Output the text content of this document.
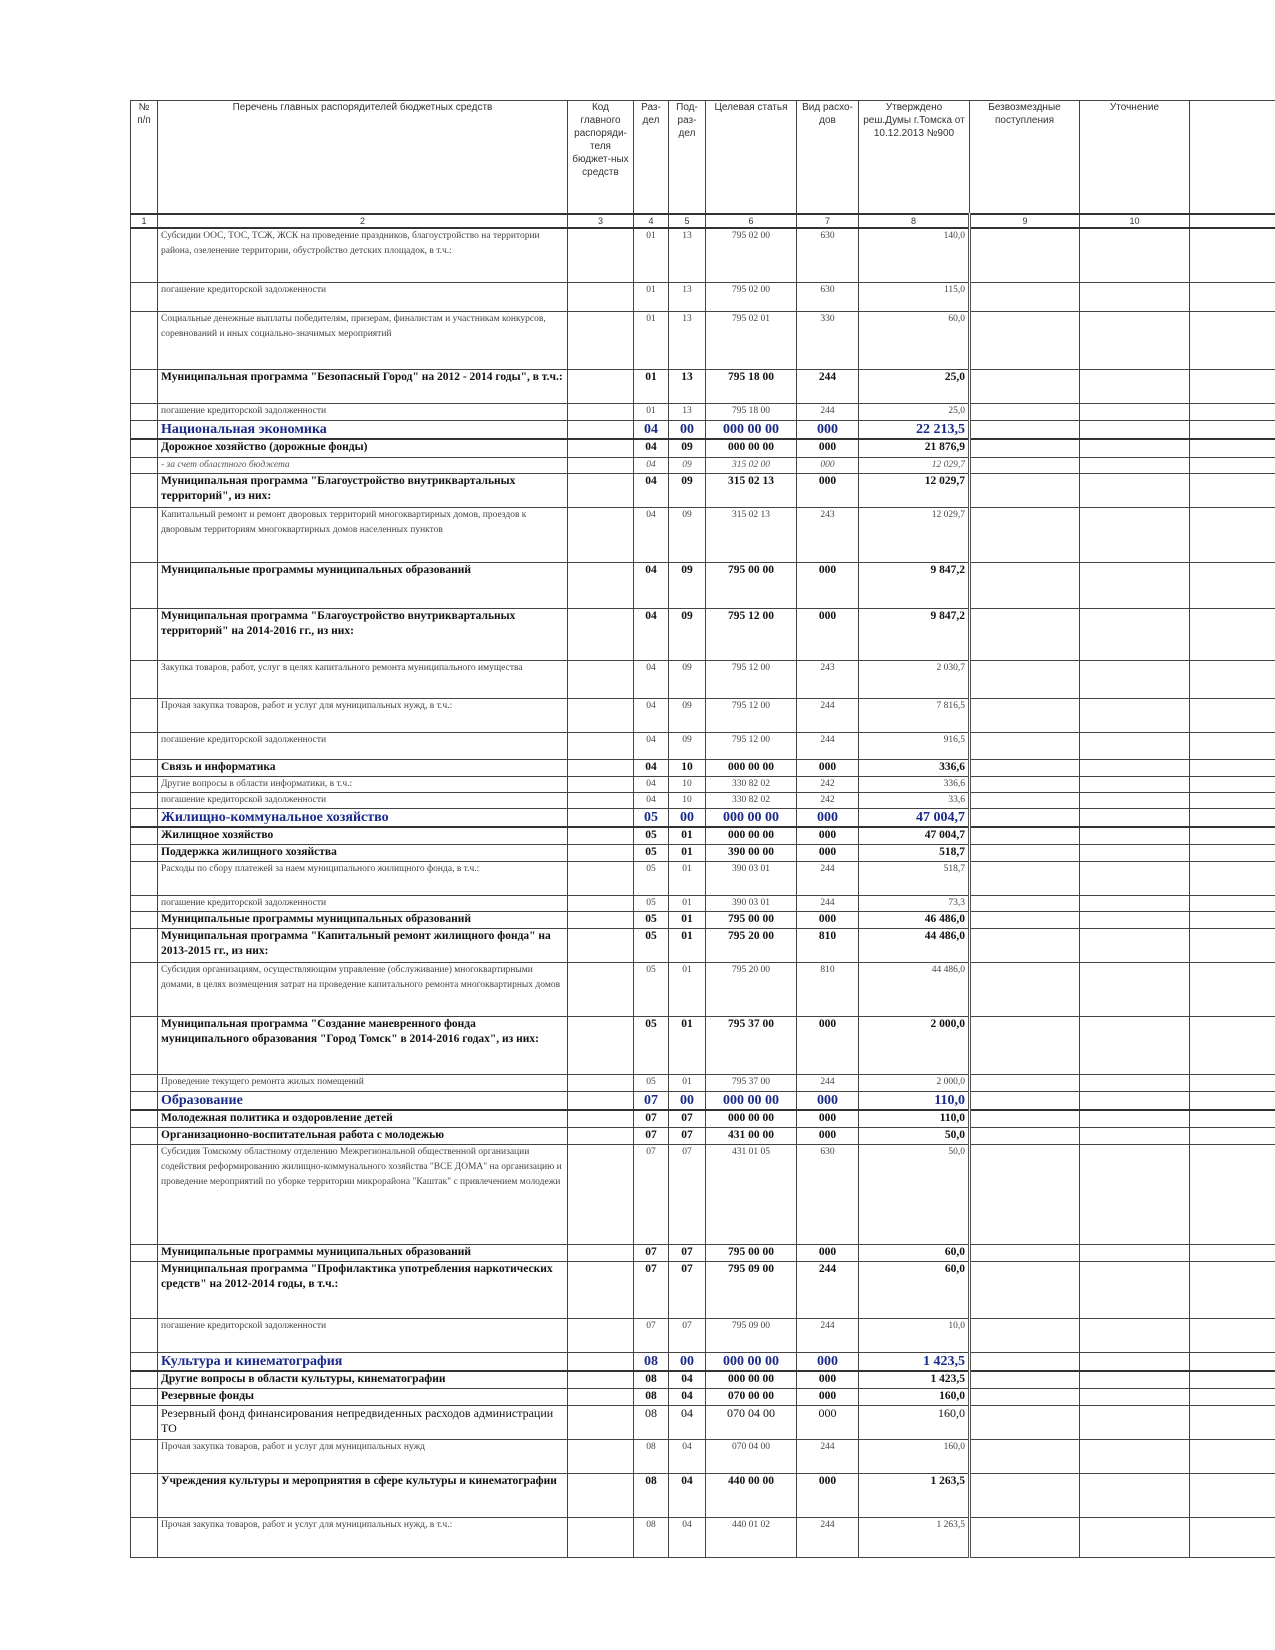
№ п/п	Перечень главных распорядителей бюджетных средств	Код главного распоряди-теля бюджет-ных средств	Раз-дел	Под-раз-дел	Целевая статья	Вид расхо-дов	Утверждено реш.Думы г.Томска от 10.12.2013 №900	Безвозмездные поступления	Уточнение	
1	2	3	4	5	6	7	8	9	10	
	Субсидии ООС, ТОС, ТСЖ, ЖСК на проведение праздников, благоустройство на территории района, озеленение территории, обустройство детских площадок, в т.ч.:		01	13	795 02 00	630	140,0			
	погашение кредиторской задолженности		01	13	795 02 00	630	115,0			
	Социальные денежные выплаты победителям, призерам, финалистам и участникам конкурсов, соревнований и иных социально-значимых мероприятий		01	13	795 02 01	330	60,0			
	Муниципальная программа "Безопасный Город" на 2012 - 2014 годы", в т.ч.:		01	13	795 18 00	244	25,0			
	погашение кредиторской задолженности		01	13	795 18 00	244	25,0			
	Национальная экономика		04	00	000 00 00	000	22 213,5			
	Дорожное хозяйство (дорожные фонды)		04	09	000 00 00	000	21 876,9			
	- за счет областного бюджета		04	09	315 02 00	000	12 029,7			
	Муниципальная программа "Благоустройство внутриквартальных территорий", из них:		04	09	315 02 13	000	12 029,7			
	Капитальный ремонт и ремонт дворовых территорий многоквартирных домов, проездов к дворовым территориям многоквартирных домов населенных пунктов		04	09	315 02 13	243	12 029,7			
	Муниципальные программы муниципальных образований		04	09	795 00 00	000	9 847,2			
	Муниципальная программа "Благоустройство внутриквартальных территорий" на 2014-2016 гг., из них:		04	09	795 12 00	000	9 847,2			
	Закупка товаров, работ, услуг в целях капитального ремонта муниципального имущества		04	09	795 12 00	243	2 030,7			
	Прочая закупка товаров, работ и услуг для муниципальных нужд, в т.ч.:		04	09	795 12 00	244	7 816,5			
	погашение кредиторской задолженности		04	09	795 12 00	244	916,5			
	Связь и информатика		04	10	000 00 00	000	336,6			
	Другие вопросы в области информатики, в т.ч.:		04	10	330 82 02	242	336,6			
	погашение кредиторской задолженности		04	10	330 82 02	242	33,6			
	Жилищно-коммунальное хозяйство		05	00	000 00 00	000	47 004,7			
	Жилищное хозяйство		05	01	000 00 00	000	47 004,7			
	Поддержка жилищного хозяйства		05	01	390 00 00	000	518,7			
	Расходы по сбору платежей за наем муниципального жилищного фонда, в т.ч.:		05	01	390 03 01	244	518,7			
	погашение кредиторской задолженности		05	01	390 03 01	244	73,3			
	Муниципальные программы муниципальных образований		05	01	795 00 00	000	46 486,0			
	Муниципальная программа "Капитальный ремонт жилищного фонда" на 2013-2015 гг., из них:		05	01	795 20 00	810	44 486,0			
	Субсидия организациям, осуществляющим управление (обслуживание) многоквартирными домами, в целях возмещения затрат на проведение капитального ремонта многоквартирных домов		05	01	795 20 00	810	44 486,0			
	Муниципальная программа "Создание маневренного фонда муниципального образования "Город Томск" в 2014-2016 годах", из них:		05	01	795 37 00	000	2 000,0			
	Проведение текущего ремонта жилых помещений		05	01	795 37 00	244	2 000,0			
	Образование		07	00	000 00 00	000	110,0			
	Молодежная политика и оздоровление детей		07	07	000 00 00	000	110,0			
	Организационно-воспитательная работа с молодежью		07	07	431 00 00	000	50,0			
	Субсидия Томскому областному отделению Межрегиональной общественной организации содействия реформированию жилищно-коммунального хозяйства "ВСЕ ДОМА" на организацию и проведение мероприятий по уборке территории микрорайона "Каштак" с привлечением молодежи		07	07	431 01 05	630	50,0			
	Муниципальные программы муниципальных образований		07	07	795 00 00	000	60,0			
	Муниципальная программа "Профилактика употребления наркотических средств" на 2012-2014 годы, в т.ч.:		07	07	795 09 00	244	60,0			
	погашение кредиторской задолженности		07	07	795 09 00	244	10,0			
	Культура и кинематография		08	00	000 00 00	000	1 423,5			
	Другие вопросы в области культуры, кинематографии		08	04	000 00 00	000	1 423,5			
	Резервные фонды		08	04	070 00 00	000	160,0			
	Резервный фонд финансирования непредвиденных расходов администрации ТО		08	04	070 04 00	000	160,0			
	Прочая закупка товаров, работ и услуг для муниципальных нужд		08	04	070 04 00	244	160,0			
	Учреждения культуры и мероприятия в сфере культуры и кинематографии		08	04	440 00 00	000	1 263,5			
	Прочая закупка товаров, работ и услуг для муниципальных нужд, в т.ч.:		08	04	440 01 02	244	1 263,5			
